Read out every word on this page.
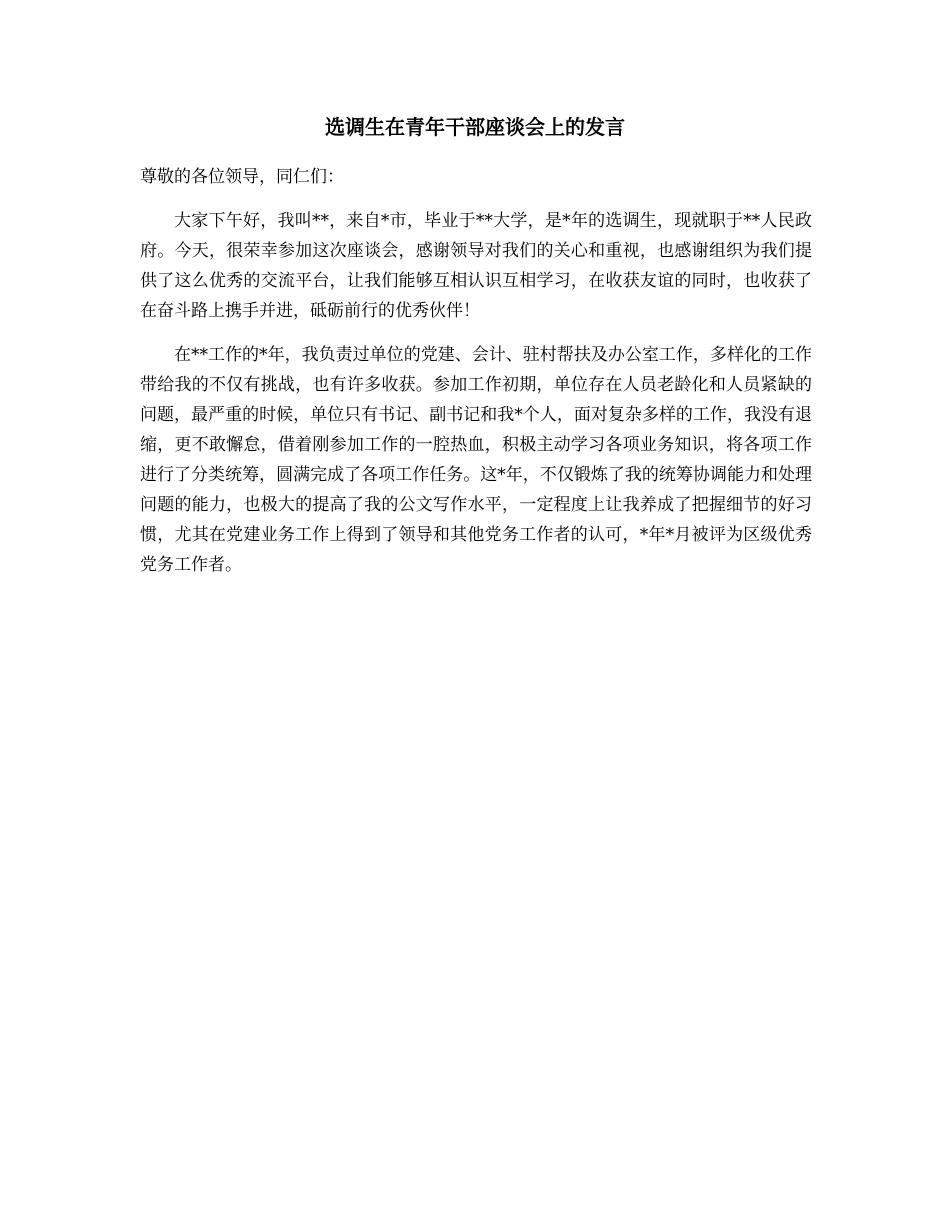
选调生在青年干部座谈会上的发言

尊敬的各位领导，同仁们：

大家下午好，我叫**，来自*市，毕业于**大学，是*年的选调生，现就职于**人民政府。今天，很荣幸参加这次座谈会，感谢领导对我们的关心和重视，也感谢组织为我们提供了这么优秀的交流平台，让我们能够互相认识互相学习，在收获友谊的同时，也收获了在奋斗路上携手并进，砥砺前行的优秀伙伴！

在**工作的*年，我负责过单位的党建、会计、驻村帮扶及办公室工作，多样化的工作带给我的不仅有挑战，也有许多收获。参加工作初期，单位存在人员老龄化和人员紧缺的问题，最严重的时候，单位只有书记、副书记和我*个人，面对复杂多样的工作，我没有退缩，更不敢懈怠，借着刚参加工作的一腔热血，积极主动学习各项业务知识，将各项工作进行了分类统筹，圆满完成了各项工作任务。这*年，不仅锻炼了我的统筹协调能力和处理问题的能力，也极大的提高了我的公文写作水平，一定程度上让我养成了把握细节的好习惯，尤其在党建业务工作上得到了领导和其他党务工作者的认可，*年*月被评为区级优秀党务工作者。
